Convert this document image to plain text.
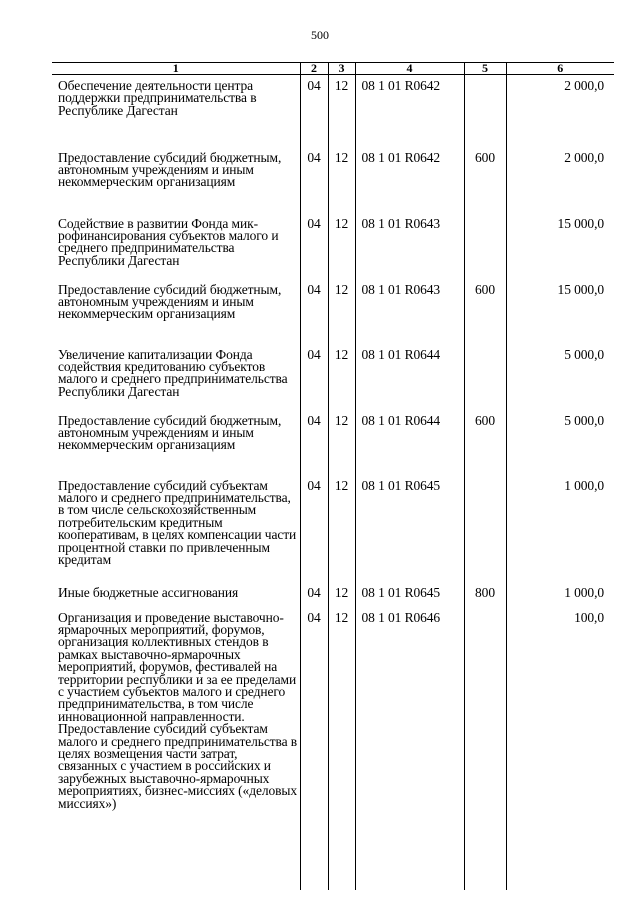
500
1	2	3	4	5	6
Обеспечение деятельности центра поддержки предпринимательства в Республике Дагестан	04	12	08 1 01 R0642		2 000,0
Предоставление субсидий бюджетным, автономным учреждениям и иным некоммерческим организациям	04	12	08 1 01 R0642	600	2 000,0
Содействие в развитии Фонда микрофинансирования субъектов малого и среднего предпринимательства Республики Дагестан	04	12	08 1 01 R0643		15 000,0
Предоставление субсидий бюджетным, автономным учреждениям и иным некоммерческим организациям	04	12	08 1 01 R0643	600	15 000,0
Увеличение капитализации Фонда содействия кредитованию субъектов малого и среднего предпринимательства Республики Дагестан	04	12	08 1 01 R0644		5 000,0
Предоставление субсидий бюджетным, автономным учреждениям и иным некоммерческим организациям	04	12	08 1 01 R0644	600	5 000,0
Предоставление субсидий субъектам малого и среднего предпринимательства, в том числе сельскохозяйственным потребительским кредитным кооперативам, в целях компенсации части процентной ставки по привлеченным кредитам	04	12	08 1 01 R0645		1 000,0
Иные бюджетные ассигнования	04	12	08 1 01 R0645	800	1 000,0
Организация и проведение выставочно-ярмарочных мероприятий, форумов, организация коллективных стендов в рамках выставочно-ярмарочных мероприятий, форумов, фестивалей на территории республики и за ее пределами с участием субъектов малого и среднего предпринимательства, в том числе инновационной направленности. Предоставление субсидий субъектам малого и среднего предпринимательства в целях возмещения части затрат, связанных с участием в российских и зарубежных выставочно-ярмарочных мероприятиях, бизнес-миссиях («деловых миссиях»)	04	12	08 1 01 R0646		100,0
